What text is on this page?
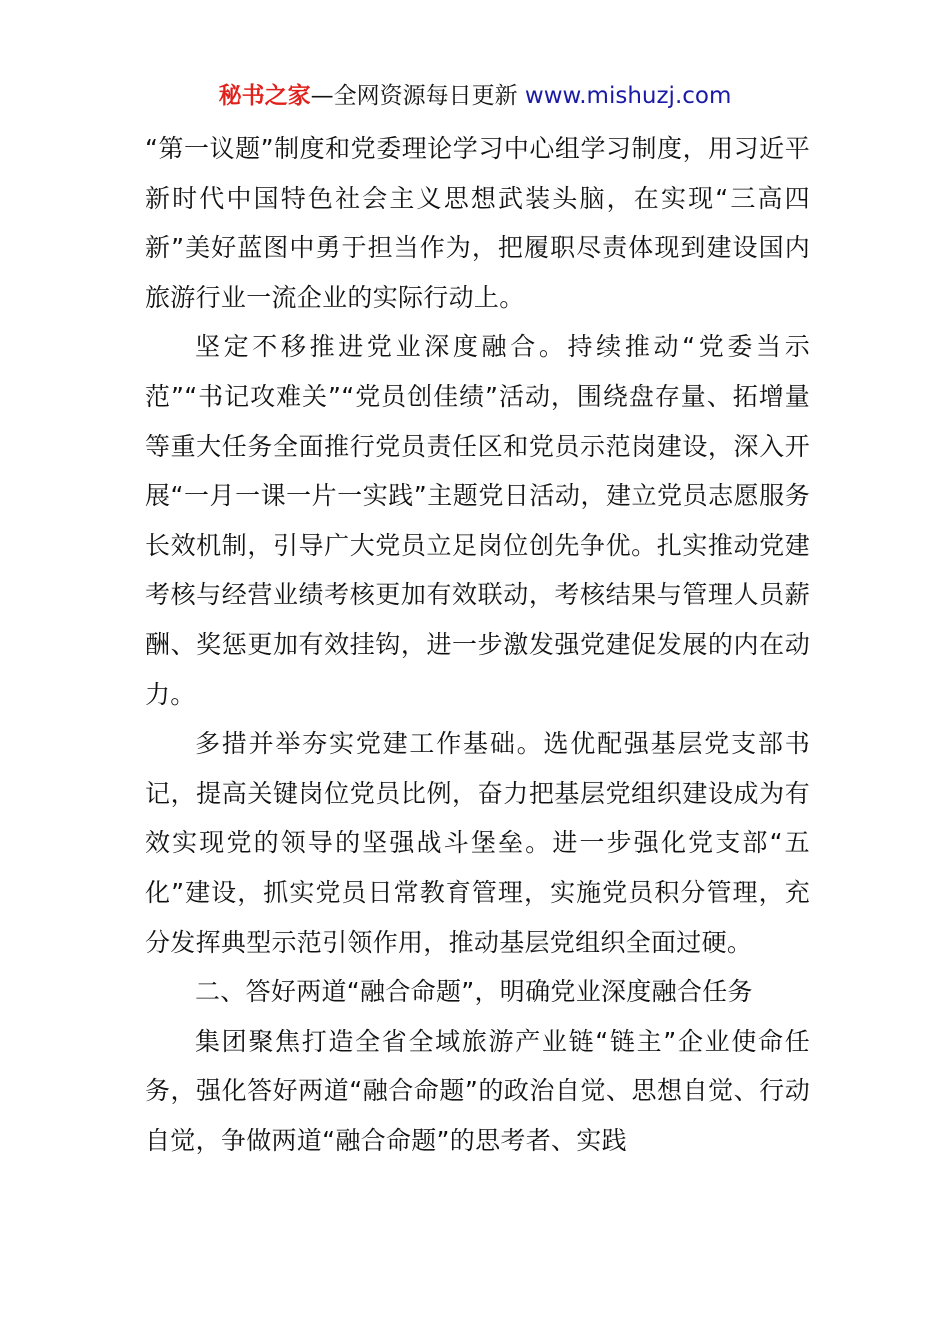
秘书之家—全网资源每日更新 www.mishuzj.com

“第一议题”制度和党委理论学习中心组学习制度，用习近平新时代中国特色社会主义思想武装头脑，在实现“三高四新”美好蓝图中勇于担当作为，把履职尽责体现到建设国内旅游行业一流企业的实际行动上。

坚定不移推进党业深度融合。持续推动“党委当示范”“书记攻难关”“党员创佳绩”活动，围绕盘存量、拓增量等重大任务全面推行党员责任区和党员示范岗建设，深入开展“一月一课一片一实践”主题党日活动，建立党员志愿服务长效机制，引导广大党员立足岗位创先争优。扎实推动党建考核与经营业绩考核更加有效联动，考核结果与管理人员薪酬、奖惩更加有效挂钩，进一步激发强党建促发展的内在动力。

多措并举夯实党建工作基础。选优配强基层党支部书记，提高关键岗位党员比例，奋力把基层党组织建设成为有效实现党的领导的坚强战斗堡垒。进一步强化党支部“五化”建设，抓实党员日常教育管理，实施党员积分管理，充分发挥典型示范引领作用，推动基层党组织全面过硬。

二、答好两道“融合命题”，明确党业深度融合任务

集团聚焦打造全省全域旅游产业链“链主”企业使命任务，强化答好两道“融合命题”的政治自觉、思想自觉、行动自觉，争做两道“融合命题”的思考者、实践
